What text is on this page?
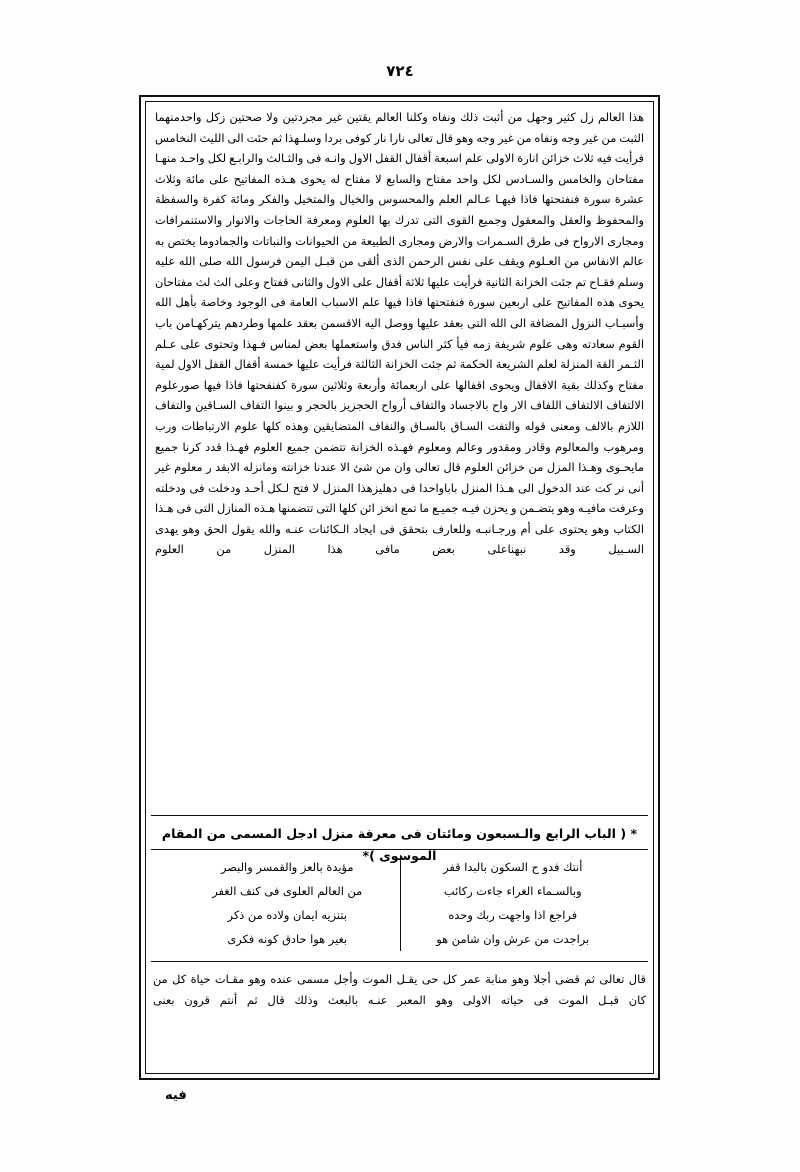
٧٢٤

هذا العالم زل كثير وجهل من أثبت ذلك ونفاه وكلنا العالم يقتين غير مجردتين ولا صحتين زكل واحدمنهما الثبت من غير وجه ونفاه من غير وجه وهو قال تعالى نارا نار كوفى بردا وسلـهذا ثم حئت الى الليث النخامس فرأيت فيه ثلاث خزائن انارة الاولى علم اسبعة أقفال القفل الاول وانـه فى والثـالث والرابـع لكل واحـد منهـا مفتاحان والخامس والسـادس لكل واحد مفتاح والسابع لا مفتاح له يحوى هـذه المفاتيح على مائة وثلاث عشرة سورة فنفتحتها فاذا فيهـا عـالم العلم والمحسوس والخيال والمتخيل والفكر ومائة كفرة والسفظة والمحفوظ والعقل والمعقول وجميع القوى التى تدرك بها العلوم ومعرفة الحاجات والانوار والاستنمرافات ومجارى الارواح فى طرق السـمرات والارض ومجارى الطبيعة من الحيوانات والنباتات والجمادوما يختص به عالم الانفاس من العـلوم ويقف على نفس الرحمن الذى ألقى من قبـل اليمن فرسول الله صلى الله عليه وسلم فقـاح تم جئت الخزانة الثانية فرأيت عليها ثلاثة أقفال على الاول والثانى قفتاح وعلى الث لث مفتاحان يحوى هذه المفاتيح على اربعين سورة فنفتحتها فاذا فيها علم الاسباب العامة فى الوجود وخاصة بأهل الله وأسبـاب النزول المضافة الى الله التى بعقد عليها ووصل اليه الاقسمن بعقد علمها وطردهم يتركهـامن باب القوم سعادته وهى علوم شريفة زمه فيأ كثر الناس فدق واستعملها بعض لمناس فـهذا وتحتوى على عـلم الثـمر القة المنزلة لعلم الشريعة الحكمة ثم جئت الخزانة الثالثة فرأيت عليها خمسة أقفال القفل الاول لمية مفتاح وكذلك بقية الاقفال ويحوى اقفالها على اربعمائة وأربعة وثلاثين سورة كفنفحتها فاذا فيها صورعلوم الالتفاف الالتفاف اللفاف الار واح بالاجساد والتفاف أرواح الحجزيز بالحجر و بينوا التفاف السـاقين والتفاف اللازم بالالف ومعنى قوله والتفت السـاق بالسـاق والنفاف المتضايقين وهذه كلها علوم الارتباطات ورب ومرهوب والمعالوم وقادر ومقدور وعالم ومعلوم فهـذه الخزانة تتضمن جميع العلوم فهـذا قدد كرنا جميع مايحـوى وهـذا المزل من خزائن العلوم قال تعالى وان من شئ الا عندنا خزانته ومانزله الابقد ر معلوم غير أنى نر كت عند الدخول الى هـذا المنزل باباواحدا فى دهليزهذا المنزل لا فتح لـكل أحـد ودخلت فى ودخلته وعرفت مافيـه وهو يتضـمن و يحزن فيـه جميـع ما تمع انخز ائن كلها التى تتضمنها هـذه المنازل التى فى هـذا الكتاب وهو يحتوى على أم ورجـانبـه وللعارف بتحقق فى ايجاد الـكائنات عنـه والله يقول الحق وهو يهدى السـبيل وقد نبهناعلى بعض مافى هذا المنزل من العلوم

* ( الباب الرابع والـسبعون ومائتان فى معرفة منزل ادجل المسمى من المقام الموسوى )*
أنتك فدو ح السكون بالبدا قفر	مؤيدة بالعز والقمسر والبصر
وبالسـماء الغراء جاءت ركائب	من العالم العلوى فى كنف الغفر
فراجع اذا واجهت ربك وحده	بتنزيه ايمان ولاده من ذكر
براجدت من عرش وان شامن هو	بغير هوا حادق كونه فكرى

قال تعالى ثم قضى أجلا وهو منابة عمر كل حى يقـل الموت وأجل مسمى عنده وهو مقـات حياة كل من كان قبـل الموت فى حياته الاولى وهو المعبر عنـه بالبعث وذلك قال ثم أنتم قرون بعنى

فيه
